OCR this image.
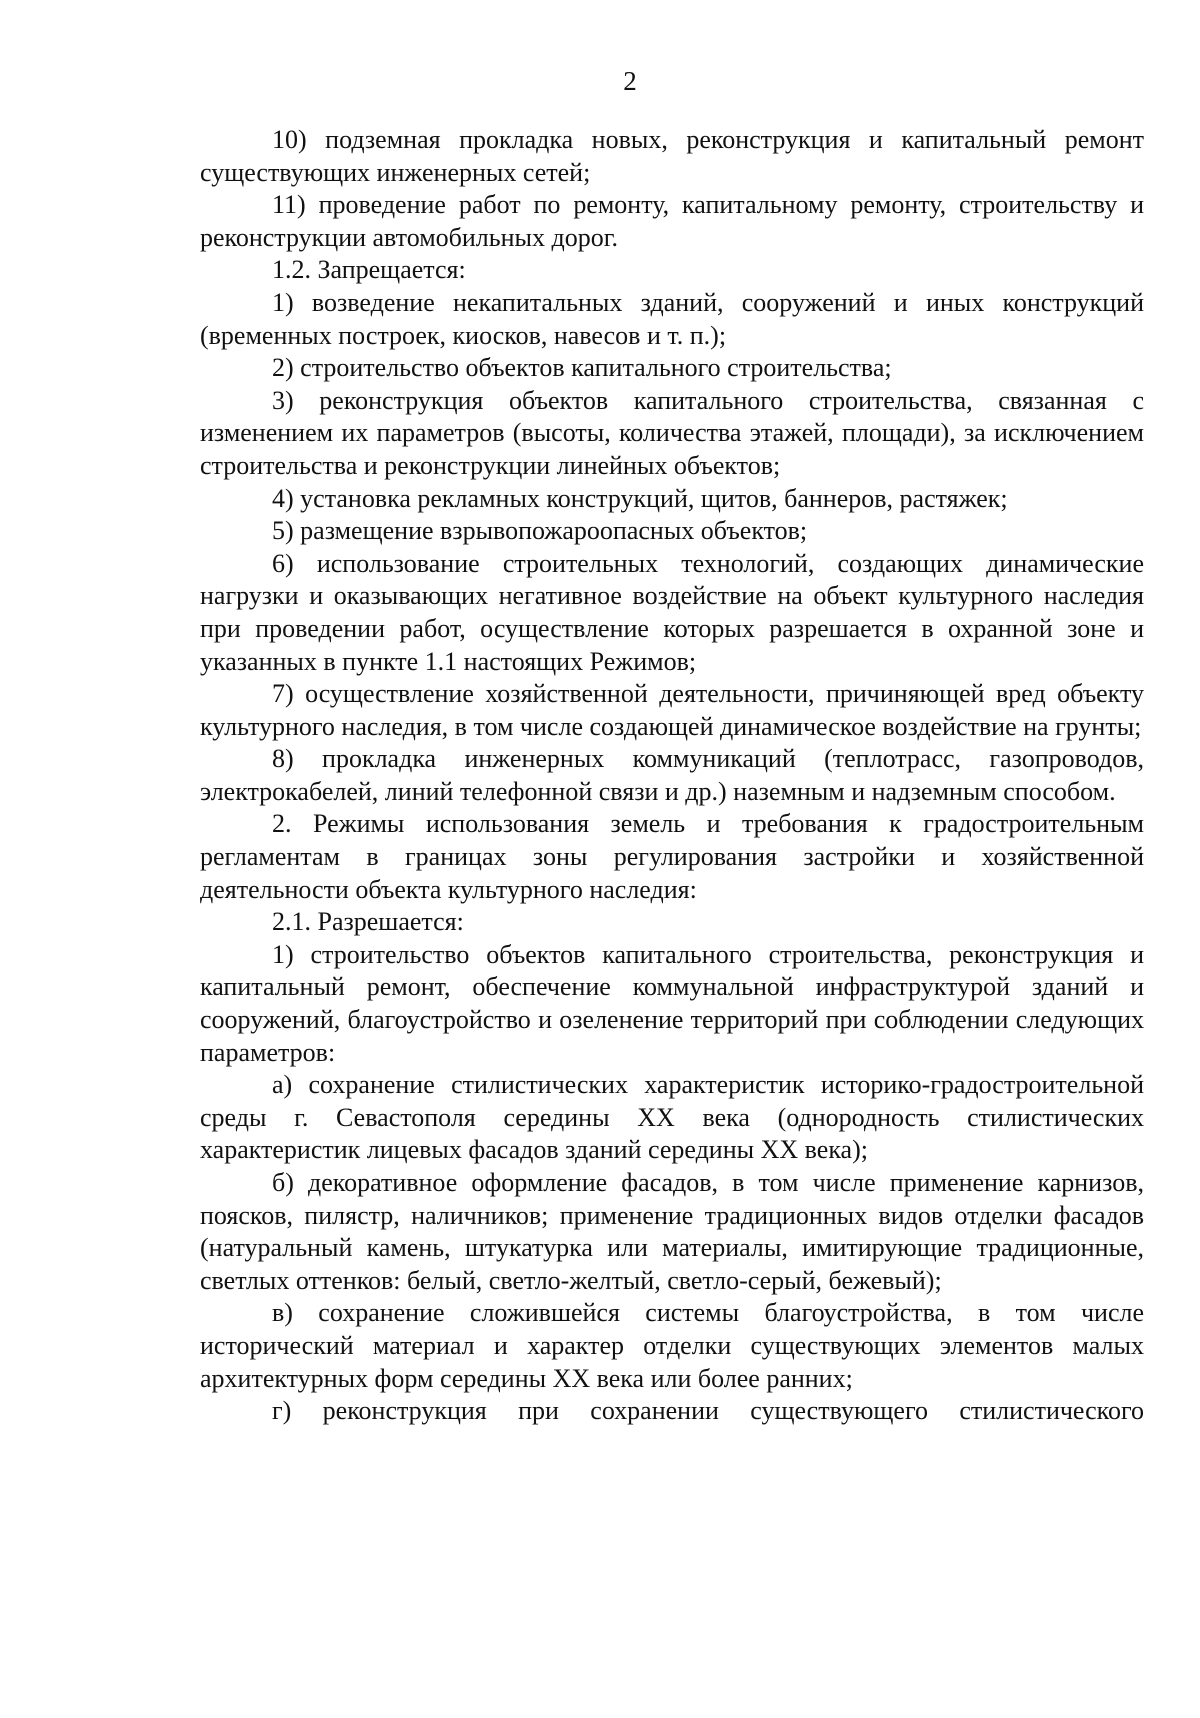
2

10) подземная прокладка новых, реконструкция и капитальный ремонт существующих инженерных сетей;

11) проведение работ по ремонту, капитальному ремонту, строительству и реконструкции автомобильных дорог.

1.2. Запрещается:

1) возведение некапитальных зданий, сооружений и иных конструкций (временных построек, киосков, навесов и т. п.);

2) строительство объектов капитального строительства;

3) реконструкция объектов капитального строительства, связанная с изменением их параметров (высоты, количества этажей, площади), за исключением строительства и реконструкции линейных объектов;

4) установка рекламных конструкций, щитов, баннеров, растяжек;

5) размещение взрывопожароопасных объектов;

6) использование строительных технологий, создающих динамические нагрузки и оказывающих негативное воздействие на объект культурного наследия при проведении работ, осуществление которых разрешается в охранной зоне и указанных в пункте 1.1 настоящих Режимов;

7) осуществление хозяйственной деятельности, причиняющей вред объекту культурного наследия, в том числе создающей динамическое воздействие на грунты;

8) прокладка инженерных коммуникаций (теплотрасс, газопроводов, электрокабелей, линий телефонной связи и др.) наземным и надземным способом.

2. Режимы использования земель и требования к градостроительным регламентам в границах зоны регулирования застройки и хозяйственной деятельности объекта культурного наследия:

2.1. Разрешается:

1) строительство объектов капитального строительства, реконструкция и капитальный ремонт, обеспечение коммунальной инфраструктурой зданий и сооружений, благоустройство и озеленение территорий при соблюдении следующих параметров:

а) сохранение стилистических характеристик историко-градостроительной среды г. Севастополя середины XX века (однородность стилистических характеристик лицевых фасадов зданий середины XX века);

б) декоративное оформление фасадов, в том числе применение карнизов, поясков, пилястр, наличников; применение традиционных видов отделки фасадов (натуральный камень, штукатурка или материалы, имитирующие традиционные, светлых оттенков: белый, светло-желтый, светло-серый, бежевый);

в) сохранение сложившейся системы благоустройства, в том числе исторический материал и характер отделки существующих элементов малых архитектурных форм середины XX века или более ранних;

г) реконструкция при сохранении существующего стилистического
